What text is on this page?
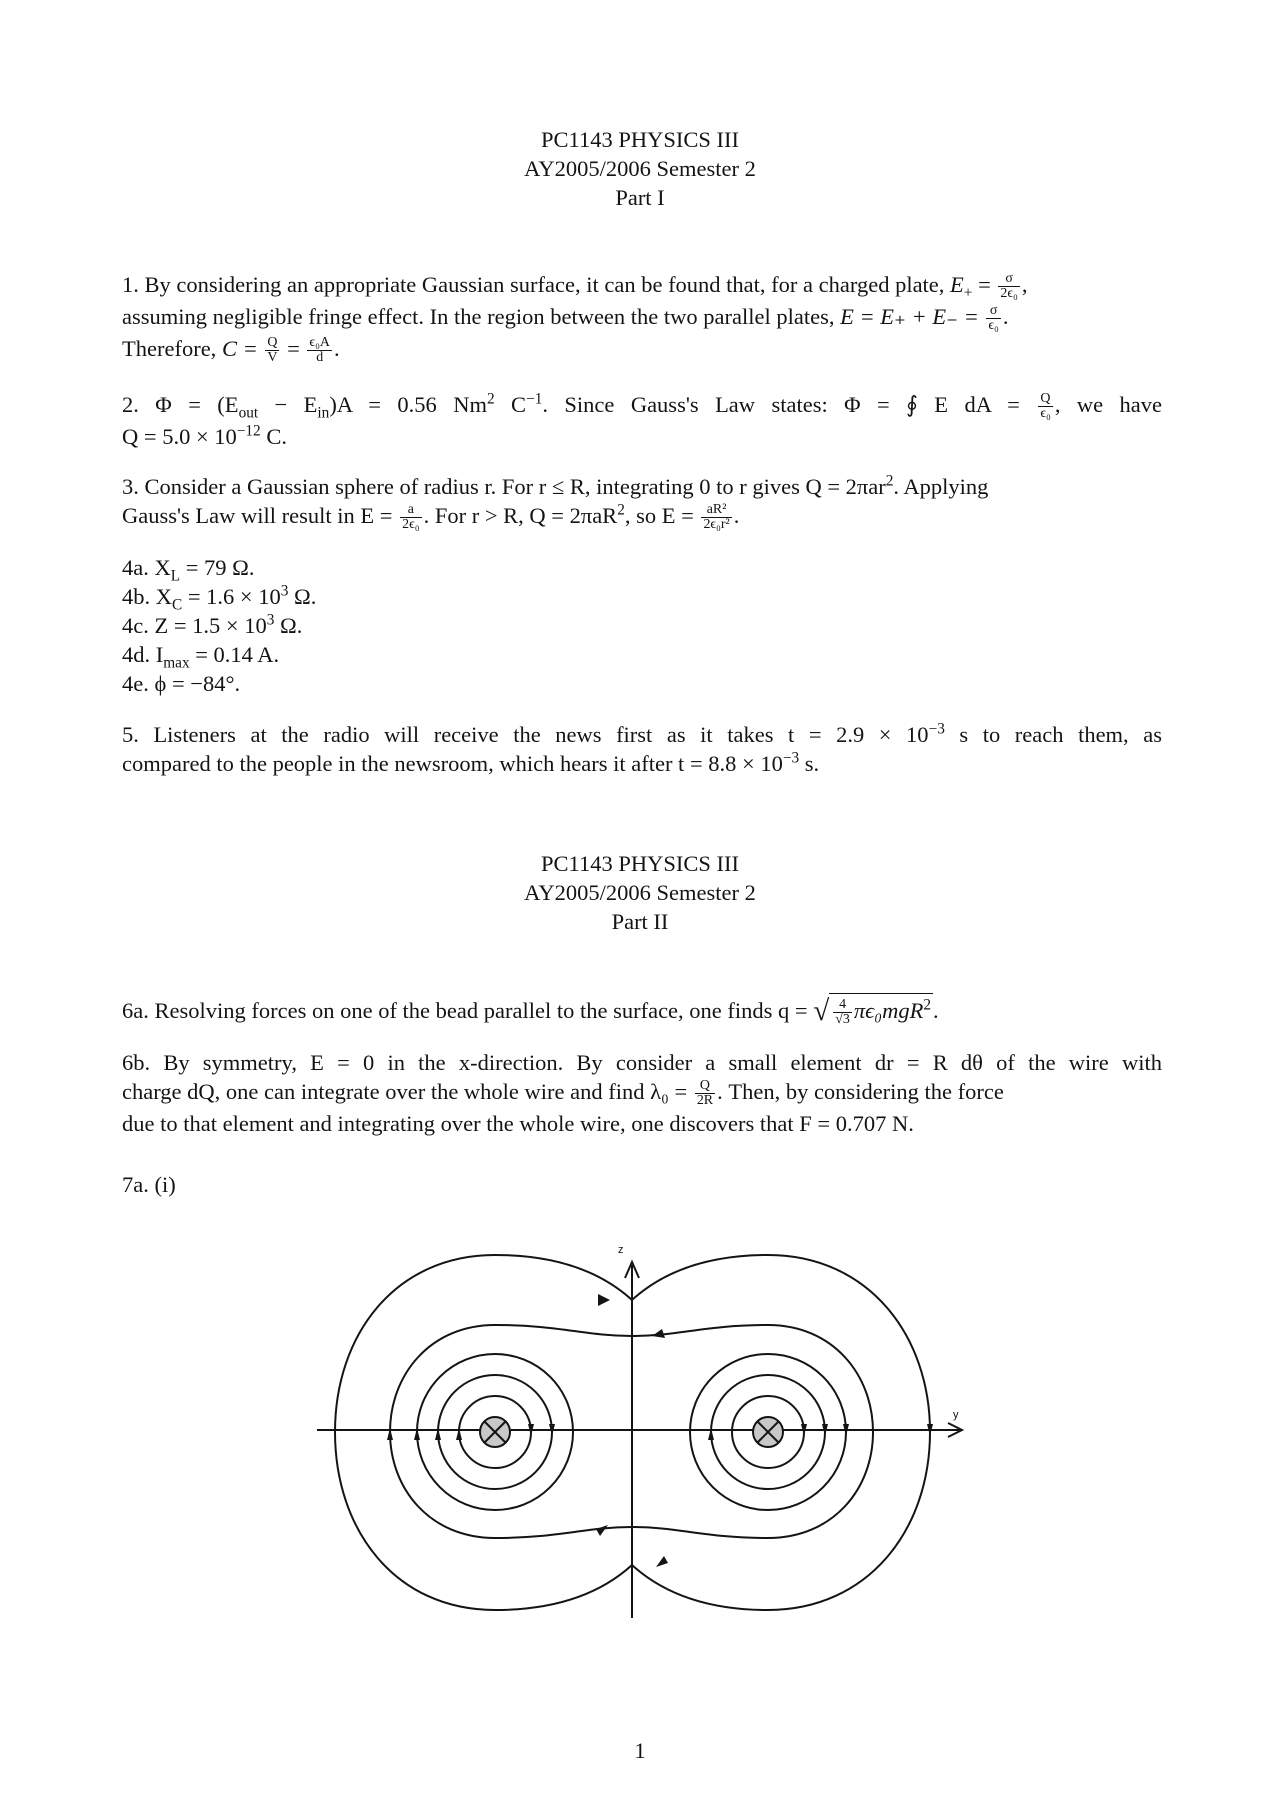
PC1143 PHYSICS III
AY2005/2006 Semester 2
Part I
1. By considering an appropriate Gaussian surface, it can be found that, for a charged plate, $E_+ = \frac{\sigma}{\text{2ϵ₀}}$ ,
assuming negligible fringe effect. In the region between the two parallel plates, $E = E_+ + E_- = \frac{\sigma}{\text{ϵ₀}}$ .
Therefore, $C = \frac{Q}{V} = \frac{\text{ϵ₀A}}{d}$ .
2. $\Phi = (E_{out} - E_{in})A = 0.56$ Nm$^2$ $C^{-1}$. Since Gauss's Law states: Φ = ∮ E dA = $\frac{Q}{\text{ϵ₀}}$ , we have
$Q = 5.0 \times 10^{-12}$ C.
3. Consider a Gaussian sphere of radius r. For r ≤ R, integrating 0 to r gives Q = 2πar$^2$. Applying
Gauss's Law will result in $E = \frac{a}{\text{2ϵ₀}}$ . For r > R, Q = 2πaR$^2$, so $E = \frac{\text{aR²}}{\text{2ϵ₀r²}}$ .
4a. $X_L = 79$ Ω.
4b. $X_C = 1.6 \times 10^3$ Ω.
4c. $Z = 1.5 \times 10^3$ Ω.
4d. $I_{max} = 0.14$ A.
4e. ϕ = −84°.
5. Listeners at the radio will receive the news first as it takes $t = 2.9 \times 10^{-3}$ s to reach them, as
compared to the people in the newsroom, which hears it after $t = 8.8 \times 10^{-3}$ s.
PC1143 PHYSICS III
AY2005/2006 Semester 2
Part II
6a. Resolving forces on one of the bead parallel to the surface, one finds q = √ $\frac{4}{√3} \pi\epsilon_0mgR^2$.
6b. By symmetry, E = 0 in the x-direction. By consider a small element dr = R dθ of the wire with
charge dQ, one can integrate over the whole wire and find $\lambda_0 = \frac{Q}{2R}$ . Then, by considering the force
due to that element and integrating over the whole wire, one discovers that F = 0.707 N.
7a. (i)
z
y
1
